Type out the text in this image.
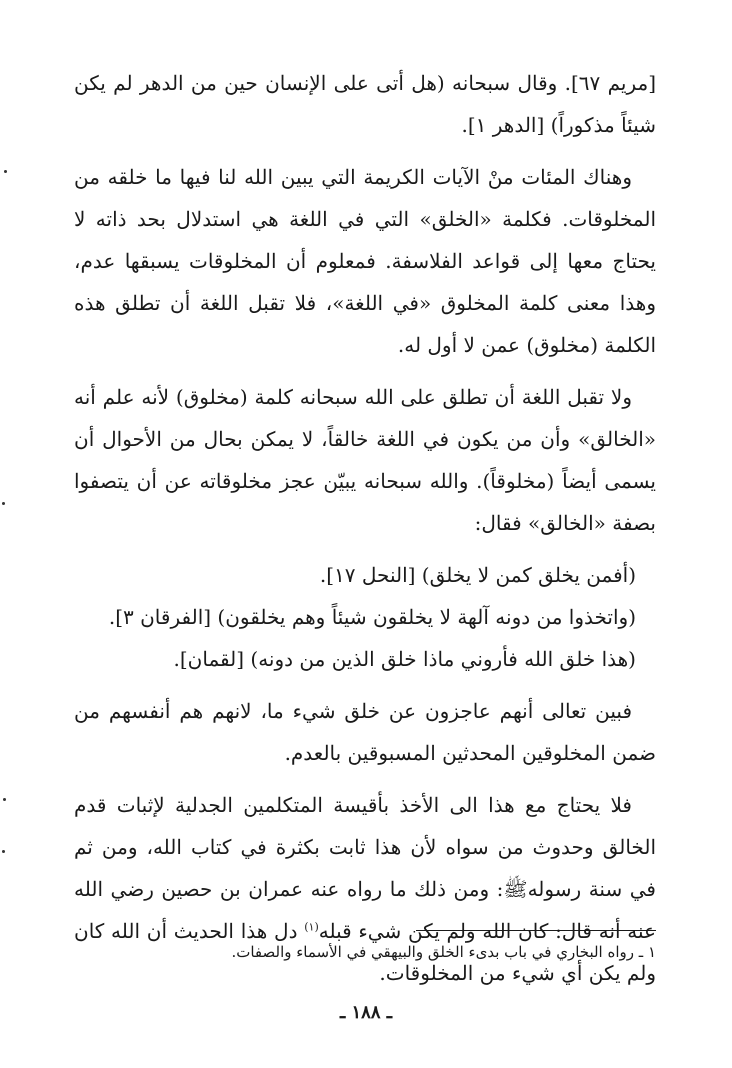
[مريم ٦٧]. وقال سبحانه (هل أتى على الإنسان حين من الدهر لم يكن شيئاً مذكوراً) [الدهر ١].

وهناك المئات منْ الآيات الكريمة التي يبين الله لنا فيها ما خلقه من المخلوقات. فكلمة «الخلق» التي في اللغة هي استدلال بحد ذاته لا يحتاج معها إلى قواعد الفلاسفة. فمعلوم أن المخلوقات يسبقها عدم، وهذا معنى كلمة المخلوق «في اللغة»، فلا تقبل اللغة أن تطلق هذه الكلمة (مخلوق) عمن لا أول له.

ولا تقبل اللغة أن تطلق على الله سبحانه كلمة (مخلوق) لأنه علم أنه «الخالق» وأن من يكون في اللغة خالقاً، لا يمكن بحال من الأحوال أن يسمى أيضاً (مخلوقاً). والله سبحانه يبيّن عجز مخلوقاته عن أن يتصفوا بصفة «الخالق» فقال:

(أفمن يخلق كمن لا يخلق) [النحل ١٧].

(واتخذوا من دونه آلهة لا يخلقون شيئاً وهم يخلقون) [الفرقان ٣].

(هذا خلق الله فأروني ماذا خلق الذين من دونه) [لقمان].

فبين تعالى أنهم عاجزون عن خلق شيء ما، لانهم هم أنفسهم من ضمن المخلوقين المحدثين المسبوقين بالعدم.

فلا يحتاج مع هذا الى الأخذ بأقيسة المتكلمين الجدلية لإثبات قدم الخالق وحدوث من سواه لأن هذا ثابت بكثرة في كتاب الله، ومن ثم في سنة رسولهﷺ: ومن ذلك ما رواه عنه عمران بن حصين رضي الله عنه أنه قال: كان الله ولم يكن شيء قبله$^{(١)}$ دل هذا الحديث أن الله كان ولم يكن أي شيء من المخلوقات.

١ ـ رواه البخاري في باب بدىء الخلق والبيهقي في الأسماء والصفات.
ـ ١٨٨ ـ
